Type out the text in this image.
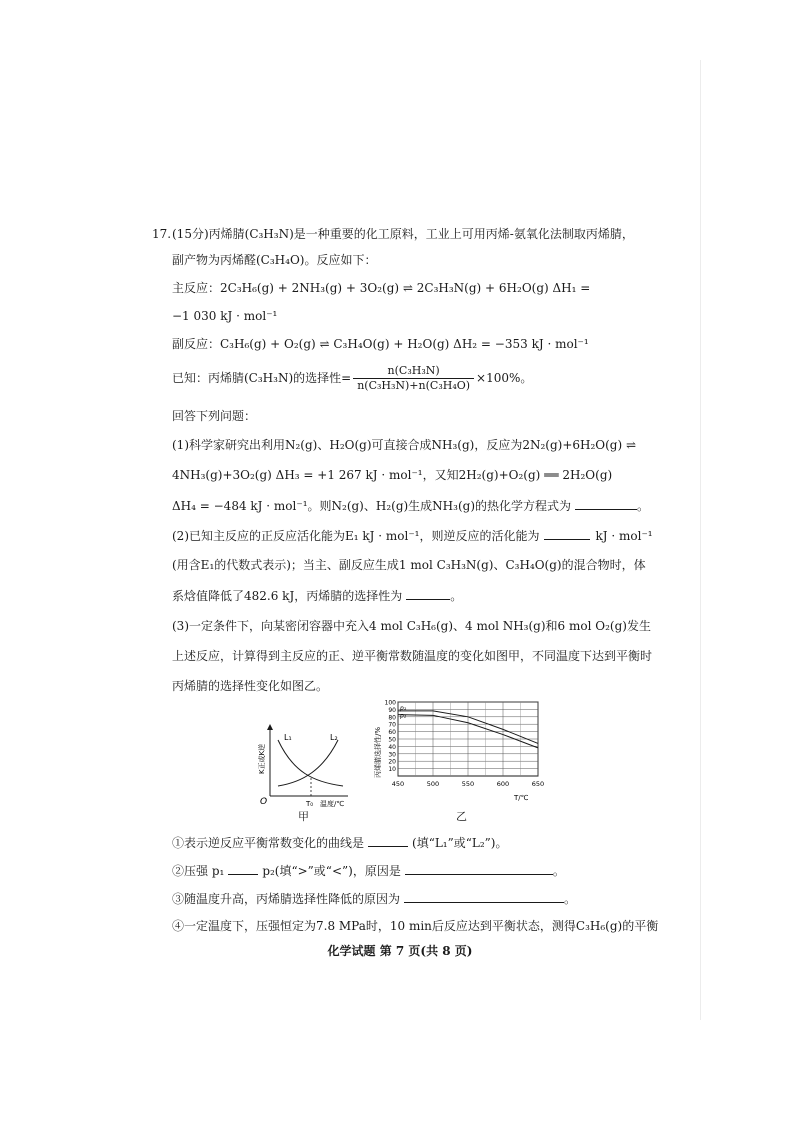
17. (15分)丙烯腈(C₃H₃N)是一种重要的化工原料，工业上可用丙烯-氨氧化法制取丙烯腈，
副产物为丙烯醛(C₃H₄O)。反应如下：
主反应：2C₃H₆(g) + 2NH₃(g) + 3O₂(g) ⇌ 2C₃H₃N(g) + 6H₂O(g) ΔH₁ =
−1 030 kJ · mol⁻¹
副反应：C₃H₆(g) + O₂(g) ⇌ C₃H₄O(g) + H₂O(g) ΔH₂ = −353 kJ · mol⁻¹
已知：丙烯腈(C₃H₃N)的选择性= $\frac{\text{n(C₃H₃N)}}{\text{n(C₃H₃N)+n(C₃H₄O)}} \times 100\%$。
回答下列问题：
(1)科学家研究出利用N₂(g)、H₂O(g)可直接合成NH₃(g)，反应为2N₂(g)+6H₂O(g) ⇌
4NH₃(g)+3O₂(g) ΔH₃ = +1 267 kJ · mol⁻¹，又知2H₂(g)+O₂(g) ══ 2H₂O(g)
ΔH₄ = −484 kJ · mol⁻¹。则N₂(g)、H₂(g)生成NH₃(g)的热化学方程式为	。
(2)已知主反应的正反应活化能为E₁ kJ · mol⁻¹，则逆反应的活化能为	kJ · mol⁻¹
(用含E₁的代数式表示)；当主、副反应生成1 mol C₃H₃N(g)、C₃H₄O(g)的混合物时，体
系焓值降低了482.6 kJ，丙烯腈的选择性为	。
(3)一定条件下，向某密闭容器中充入4 mol C₃H₆(g)、4 mol NH₃(g)和6 mol O₂(g)发生
上述反应，计算得到主反应的正、逆平衡常数随温度的变化如图甲，不同温度下达到平衡时
丙烯腈的选择性变化如图乙。
L₁	L₂
O	T₀ 温度/℃
K正或K逆
甲
10
20
30
40
50
60
70
80
90
100
450	500	550	600	650
p₁
p₂
丙烯腈选择性/%
T/℃
乙
①表示逆反应平衡常数变化的曲线是	(填“L₁”或“L₂”)。
②压强 p₁	p₂(填“>”或“<”)，原因是	。
③随温度升高，丙烯腈选择性降低的原因为	。
④一定温度下，压强恒定为7.8 MPa时，10 min后反应达到平衡状态，测得C₃H₆(g)的平衡
化学试题 第 7 页(共 8 页)
